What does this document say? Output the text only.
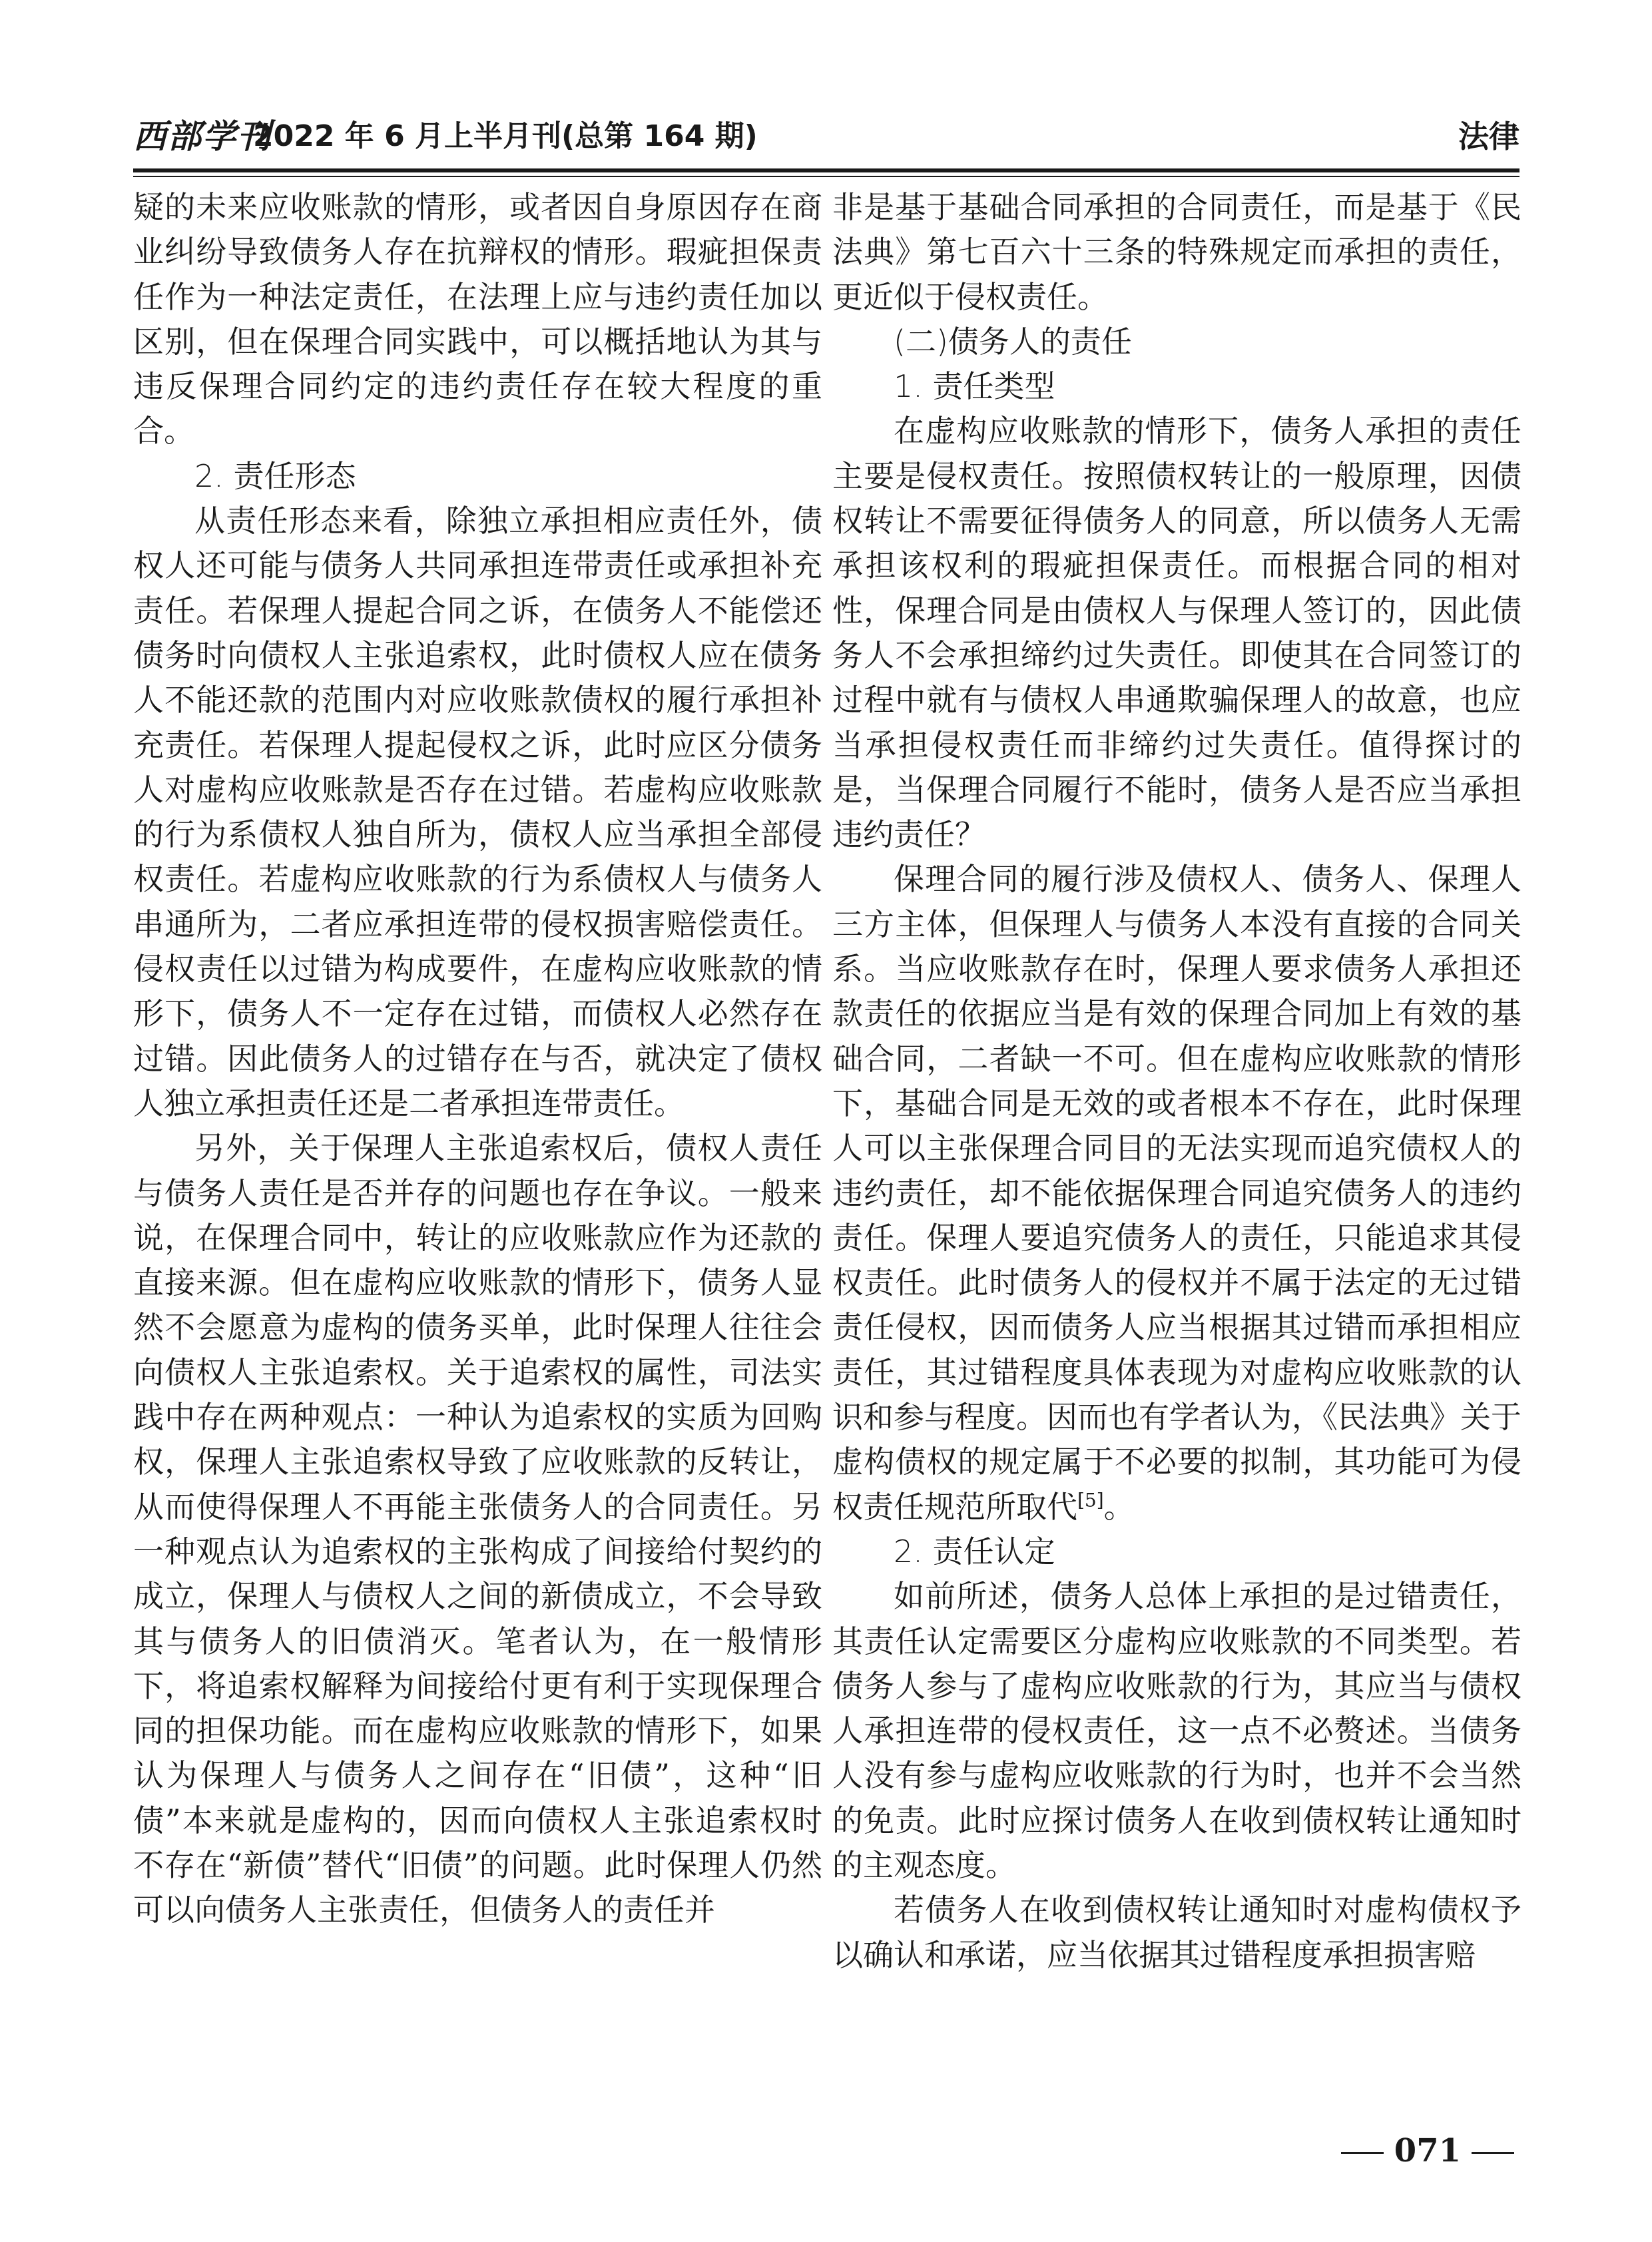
西部学刊
2022 年 6 月上半月刊(总第 164 期)	法律

疑的未来应收账款的情形，或者因自身原因存在商业纠纷导致债务人存在抗辩权的情形。瑕疵担保责任作为一种法定责任，在法理上应与违约责任加以区别，但在保理合同实践中，可以概括地认为其与违反保理合同约定的违约责任存在较大程度的重合。

2. 责任形态

从责任形态来看，除独立承担相应责任外，债权人还可能与债务人共同承担连带责任或承担补充责任。若保理人提起合同之诉，在债务人不能偿还债务时向债权人主张追索权，此时债权人应在债务人不能还款的范围内对应收账款债权的履行承担补充责任。若保理人提起侵权之诉，此时应区分债务人对虚构应收账款是否存在过错。若虚构应收账款的行为系债权人独自所为，债权人应当承担全部侵权责任。若虚构应收账款的行为系债权人与债务人串通所为，二者应承担连带的侵权损害赔偿责任。侵权责任以过错为构成要件，在虚构应收账款的情形下，债务人不一定存在过错，而债权人必然存在过错。因此债务人的过错存在与否，就决定了债权人独立承担责任还是二者承担连带责任。

另外，关于保理人主张追索权后，债权人责任与债务人责任是否并存的问题也存在争议。一般来说，在保理合同中，转让的应收账款应作为还款的直接来源。但在虚构应收账款的情形下，债务人显然不会愿意为虚构的债务买单，此时保理人往往会向债权人主张追索权。关于追索权的属性，司法实践中存在两种观点：一种认为追索权的实质为回购权，保理人主张追索权导致了应收账款的反转让，从而使得保理人不再能主张债务人的合同责任。另一种观点认为追索权的主张构成了间接给付契约的成立，保理人与债权人之间的新债成立，不会导致其与债务人的旧债消灭。笔者认为，在一般情形下，将追索权解释为间接给付更有利于实现保理合同的担保功能。而在虚构应收账款的情形下，如果认为保理人与债务人之间存在“旧债”，这种“旧债”本来就是虚构的，因而向债权人主张追索权时不存在“新债”替代“旧债”的问题。此时保理人仍然可以向债务人主张责任，但债务人的责任并

非是基于基础合同承担的合同责任，而是基于《民法典》第七百六十三条的特殊规定而承担的责任，更近似于侵权责任。

(二)债务人的责任

1. 责任类型

在虚构应收账款的情形下，债务人承担的责任主要是侵权责任。按照债权转让的一般原理，因债权转让不需要征得债务人的同意，所以债务人无需承担该权利的瑕疵担保责任。而根据合同的相对性，保理合同是由债权人与保理人签订的，因此债务人不会承担缔约过失责任。即使其在合同签订的过程中就有与债权人串通欺骗保理人的故意，也应当承担侵权责任而非缔约过失责任。值得探讨的是，当保理合同履行不能时，债务人是否应当承担违约责任？

保理合同的履行涉及债权人、债务人、保理人三方主体，但保理人与债务人本没有直接的合同关系。当应收账款存在时，保理人要求债务人承担还款责任的依据应当是有效的保理合同加上有效的基础合同，二者缺一不可。但在虚构应收账款的情形下，基础合同是无效的或者根本不存在，此时保理人可以主张保理合同目的无法实现而追究债权人的违约责任，却不能依据保理合同追究债务人的违约责任。保理人要追究债务人的责任，只能追求其侵权责任。此时债务人的侵权并不属于法定的无过错责任侵权，因而债务人应当根据其过错而承担相应责任，其过错程度具体表现为对虚构应收账款的认识和参与程度。因而也有学者认为，《民法典》关于虚构债权的规定属于不必要的拟制，其功能可为侵权责任规范所取代[5]。

2. 责任认定

如前所述，债务人总体上承担的是过错责任，其责任认定需要区分虚构应收账款的不同类型。若债务人参与了虚构应收账款的行为，其应当与债权人承担连带的侵权责任，这一点不必赘述。当债务人没有参与虚构应收账款的行为时，也并不会当然的免责。此时应探讨债务人在收到债权转让通知时的主观态度。

若债务人在收到债权转让通知时对虚构债权予以确认和承诺，应当依据其过错程度承担损害赔

071
